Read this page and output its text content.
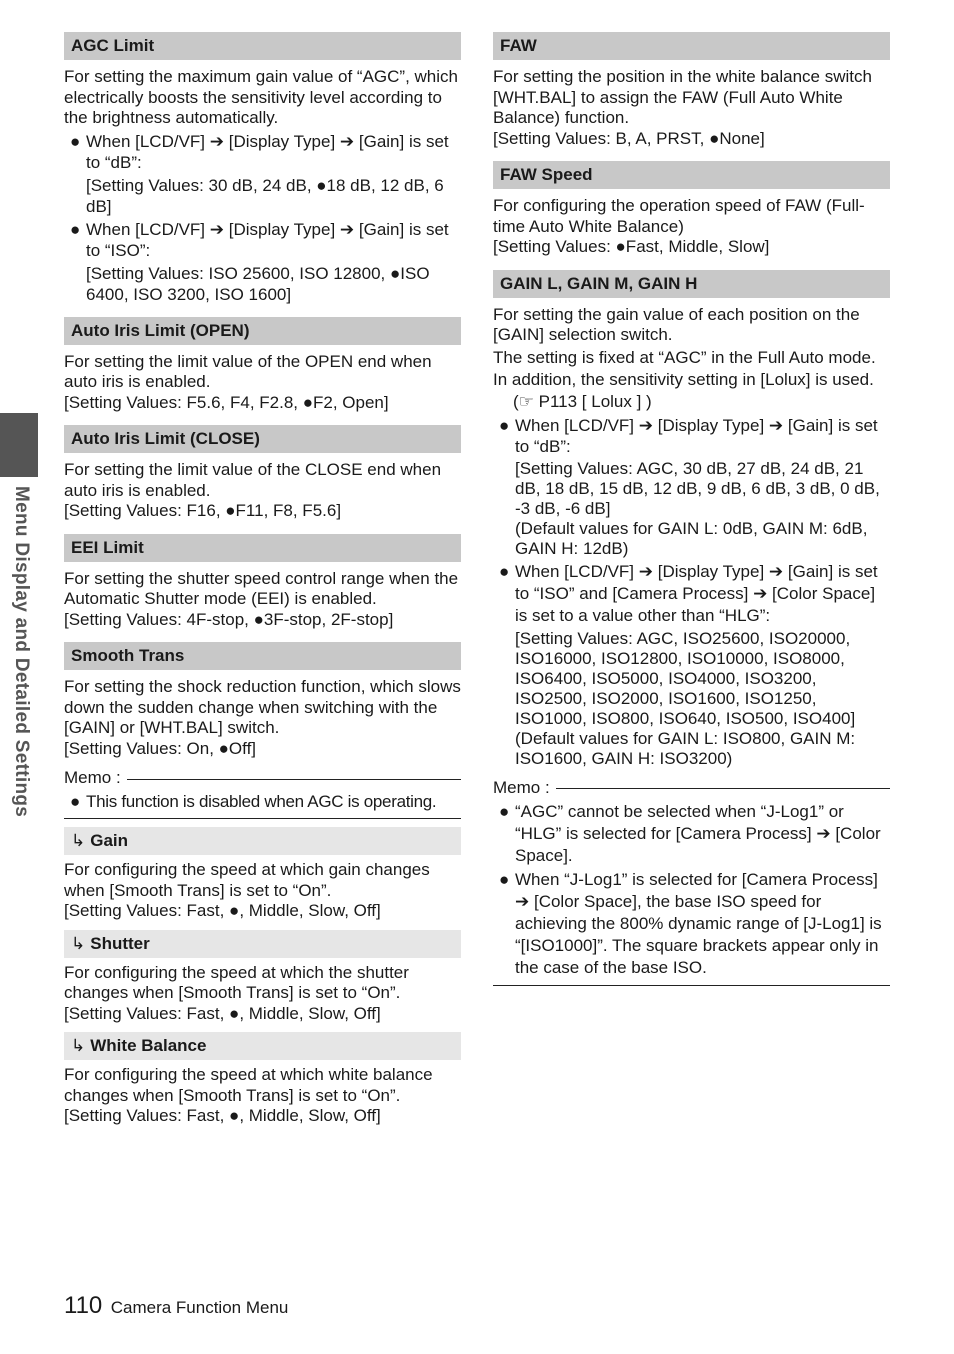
Menu Display and Detailed Settings
AGC Limit

For setting the maximum gain value of “AGC”, which electrically boosts the sensitivity level according to the brightness automatically.

● When [LCD/VF] ➔ [Display Type] ➔ [Gain] is set to “dB”:
[Setting Values: 30 dB, 24 dB, ●18 dB, 12 dB, 6 dB]
● When [LCD/VF] ➔ [Display Type] ➔ [Gain] is set to “ISO”:
[Setting Values: ISO 25600, ISO 12800, ●ISO 6400, ISO 3200, ISO 1600]
Auto Iris Limit (OPEN)

For setting the limit value of the OPEN end when auto iris is enabled.

[Setting Values: F5.6, F4, F2.8, ●F2, Open]

Auto Iris Limit (CLOSE)

For setting the limit value of the CLOSE end when auto iris is enabled.

[Setting Values: F16, ●F11, F8, F5.6]

EEI Limit

For setting the shutter speed control range when the Automatic Shutter mode (EEI) is enabled.

[Setting Values: 4F-stop, ●3F-stop, 2F-stop]

Smooth Trans

For setting the shock reduction function, which slows down the sudden change when switching with the [GAIN] or [WHT.BAL] switch.

[Setting Values: On, ●Off]

Memo :
● This function is disabled when AGC is operating.
↳ Gain

For configuring the speed at which gain changes when [Smooth Trans] is set to “On”.

[Setting Values: Fast, ●, Middle, Slow, Off]

↳ Shutter

For configuring the speed at which the shutter changes when [Smooth Trans] is set to “On”.

[Setting Values: Fast, ●, Middle, Slow, Off]

↳ White Balance

For configuring the speed at which white balance changes when [Smooth Trans] is set to “On”.

[Setting Values: Fast, ●, Middle, Slow, Off]

FAW

For setting the position in the white balance switch [WHT.BAL] to assign the FAW (Full Auto White Balance) function.

[Setting Values: B, A, PRST, ●None]

FAW Speed

For configuring the operation speed of FAW (Full-time Auto White Balance)

[Setting Values: ●Fast, Middle, Slow]

GAIN L, GAIN M, GAIN H

For setting the gain value of each position on the [GAIN] selection switch.

The setting is fixed at “AGC” in the Full Auto mode.

In addition, the sensitivity setting in [Lolux] is used.

(☞ P113 [ Lolux ] )
● When [LCD/VF] ➔ [Display Type] ➔ [Gain] is set to “dB”:
[Setting Values: AGC, 30 dB, 27 dB, 24 dB, 21 dB, 18 dB, 15 dB, 12 dB, 9 dB, 6 dB, 3 dB, 0 dB, -3 dB, -6 dB]
(Default values for GAIN L: 0dB, GAIN M: 6dB, GAIN H: 12dB)
● When [LCD/VF] ➔ [Display Type] ➔ [Gain] is set to “ISO” and [Camera Process] ➔ [Color Space] is set to a value other than “HLG”:
[Setting Values: AGC, ISO25600, ISO20000, ISO16000, ISO12800, ISO10000, ISO8000, ISO6400, ISO5000, ISO4000, ISO3200, ISO2500, ISO2000, ISO1600, ISO1250, ISO1000, ISO800, ISO640, ISO500, ISO400]
(Default values for GAIN L: ISO800, GAIN M: ISO1600, GAIN H: ISO3200)
Memo :
● “AGC” cannot be selected when “J-Log1” or “HLG” is selected for [Camera Process] ➔ [Color Space].
● When “J-Log1” is selected for [Camera Process] ➔ [Color Space], the base ISO speed for achieving the 800% dynamic range of [J-Log1] is “[ISO1000]”. The square brackets appear only in the case of the base ISO.
110 Camera Function Menu
